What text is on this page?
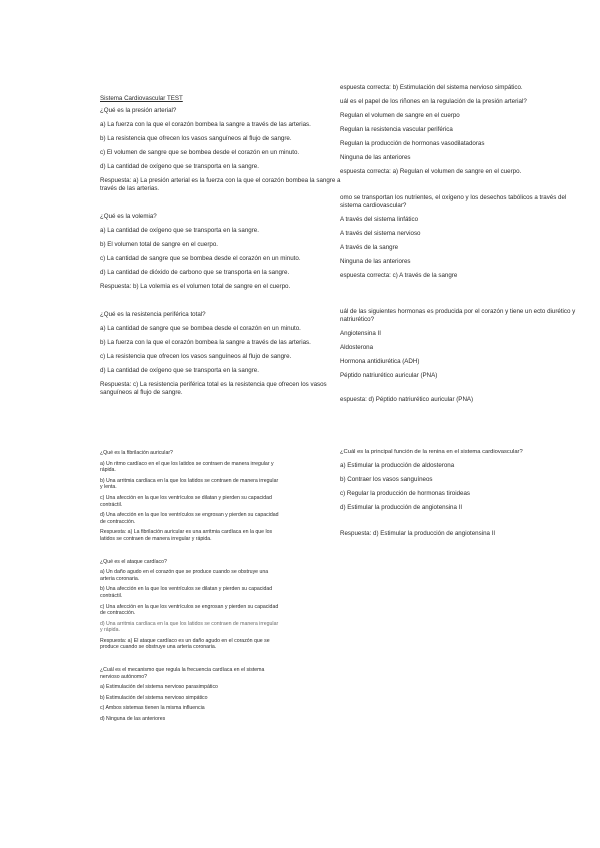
Sistema Cardiovascular TEST
¿Qué es la presión arterial?
a) La fuerza con la que el corazón bombea la sangre a través de las arterias.
b) La resistencia que ofrecen los vasos sanguíneos al flujo de sangre.
c) El volumen de sangre que se bombea desde el corazón en un minuto.
d) La cantidad de oxígeno que se transporta en la sangre.
Respuesta: a) La presión arterial es la fuerza con la que el corazón bombea la sangre a través de las arterias.
¿Qué es la volemia?
a) La cantidad de oxígeno que se transporta en la sangre.
b) El volumen total de sangre en el cuerpo.
c) La cantidad de sangre que se bombea desde el corazón en un minuto.
d) La cantidad de dióxido de carbono que se transporta en la sangre.
Respuesta: b) La volemia es el volumen total de sangre en el cuerpo.
¿Qué es la resistencia periférica total?
a) La cantidad de sangre que se bombea desde el corazón en un minuto.
b) La fuerza con la que el corazón bombea la sangre a través de las arterias.
c) La resistencia que ofrecen los vasos sanguíneos al flujo de sangre.
d) La cantidad de oxígeno que se transporta en la sangre.
Respuesta: c) La resistencia periférica total es la resistencia que ofrecen los vasos sanguíneos al flujo de sangre.
espuesta correcta: b) Estimulación del sistema nervioso simpático.
uál es el papel de los riñones en la regulación de la presión arterial?
Regulan el volumen de sangre en el cuerpo
Regulan la resistencia vascular periférica
Regulan la producción de hormonas vasodilatadoras
Ninguna de las anteriores
espuesta correcta: a) Regulan el volumen de sangre en el cuerpo.
omo se transportan los nutrientes, el oxígeno y los desechos tabólicos a través del sistema cardiovascular?
A través del sistema linfático
A través del sistema nervioso
A través de la sangre
Ninguna de las anteriores
espuesta correcta: c) A través de la sangre
uál de las siguientes hormonas es producida por el corazón y tiene un ecto diurético y natriurético?
Angiotensina II
Aldosterona
Hormona antidiurética (ADH)
Péptido natriurético auricular (PNA)
espuesta: d) Péptido natriurético auricular (PNA)
¿Qué es la fibrilación auricular?
a) Un ritmo cardíaco en el que los latidos se contraen de manera irregular y rápida.
b) Una arritmia cardíaca en la que los latidos se contraen de manera irregular y lenta.
c) Una afección en la que los ventrículos se dilatan y pierden su capacidad contráctil.
d) Una afección en la que los ventrículos se engrosan y pierden su capacidad de contracción.
Respuesta: a) La fibrilación auricular es una arritmia cardíaca en la que los latidos se contraen de manera irregular y rápida.
¿Qué es el ataque cardíaco?
a) Un daño agudo en el corazón que se produce cuando se obstruye una arteria coronaria.
b) Una afección en la que los ventrículos se dilatan y pierden su capacidad contráctil.
c) Una afección en la que los ventrículos se engrosan y pierden su capacidad de contracción.
d) Una arritmia cardíaca en la que los latidos se contraen de manera irregular y rápida.
Respuesta: a) El ataque cardíaco es un daño agudo en el corazón que se produce cuando se obstruye una arteria coronaria.
¿Cuál es el mecanismo que regula la frecuencia cardíaca en el sistema nervioso autónomo?
a) Estimulación del sistema nervioso parasimpático
b) Estimulación del sistema nervioso simpático
c) Ambos sistemas tienen la misma influencia
d) Ninguna de las anteriores
¿Cuál es la principal función de la renina en el sistema cardiovascular?
a) Estimular la producción de aldosterona
b) Contraer los vasos sanguíneos
c) Regular la producción de hormonas tiroideas
d) Estimular la producción de angiotensina II
Respuesta: d) Estimular la producción de angiotensina II
